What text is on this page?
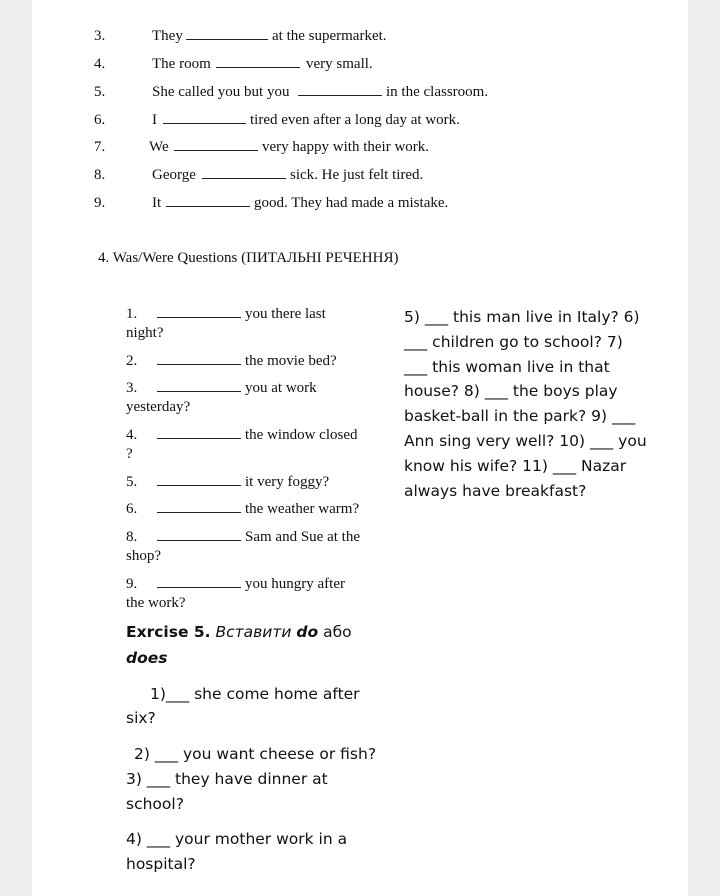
3.	They	at the supermarket.
4.	The room	very small.
5.	She called you but you	in the classroom.
6.	I	tired even after a long day at work.
7.	We	very happy with their work.
8.	George	sick. He just felt tired.
9.	It	good. They had made a mistake.
4. Was/Were Questions (ПИТАЛЬНІ РЕЧЕННЯ)
1.	you there last
night?
2.	the movie bed?
3.	you at work
yesterday?
4.	the window closed
?
5.	it very foggy?
6.	the weather warm?
8.	Sam and Sue at the
shop?
9.	you hungry after
the work?
5) ___ this man live in Italy? 6)
___ children go to school? 7)
___ this woman live in that
house? 8) ___ the boys play
basket-ball in the park? 9) ___
Ann sing very well? 10) ___ you
know his wife? 11) ___ Nazar
always have breakfast?
Exrcise 5. Вставити do або
does
1)___ she come home after
six?
2) ___ you want cheese or fish?
3) ___ they have dinner at
school?
4) ___ your mother work in a
hospital?
